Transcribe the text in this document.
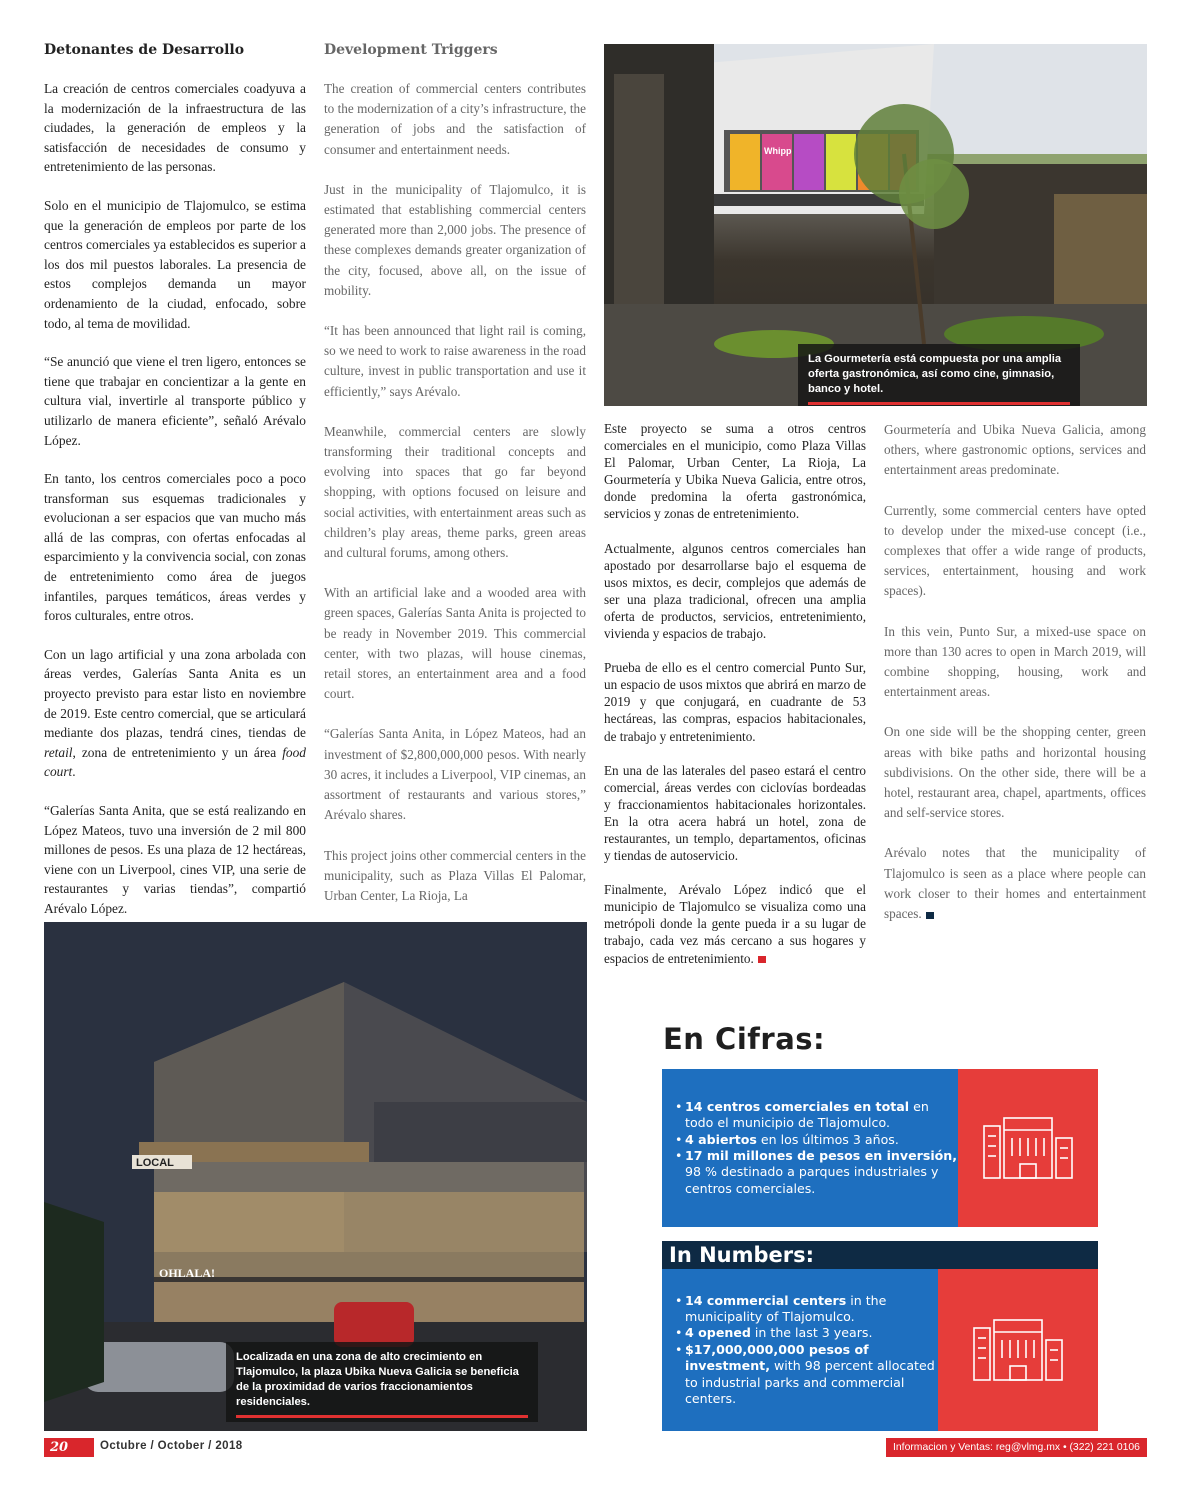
Detonantes de Desarrollo

La creación de centros comerciales coadyuva a la modernización de la infraestructura de las ciudades, la generación de empleos y la satisfacción de necesidades de consumo y entretenimiento de las personas.

Solo en el municipio de Tlajomulco, se estima que la generación de empleos por parte de los centros comerciales ya establecidos es superior a los dos mil puestos laborales. La presencia de estos complejos demanda un mayor ordenamiento de la ciudad, enfocado, sobre todo, al tema de movilidad.

“Se anunció que viene el tren ligero, entonces se tiene que trabajar en concientizar a la gente en cultura vial, invertirle al transporte público y utilizarlo de manera eficiente”, señaló Arévalo López.

En tanto, los centros comerciales poco a poco transforman sus esquemas tradicionales y evolucionan a ser espacios que van mucho más allá de las compras, con ofertas enfocadas al esparcimiento y la convivencia social, con zonas de entretenimiento como área de juegos infantiles, parques temáticos, áreas verdes y foros culturales, entre otros.

Con un lago artificial y una zona arbolada con áreas verdes, Galerías Santa Anita es un proyecto previsto para estar listo en noviembre de 2019. Este centro comercial, que se articulará mediante dos plazas, tendrá cines, tiendas de retail, zona de entretenimiento y un área food court.

“Galerías Santa Anita, que se está realizando en López Mateos, tuvo una inversión de 2 mil 800 millones de pesos. Es una plaza de 12 hectáreas, viene con un Liverpool, cines VIP, una serie de restaurantes y varias tiendas”, compartió Arévalo López.

Development Triggers

The creation of commercial centers contributes to the modernization of a city’s infrastructure, the generation of jobs and the satisfaction of consumer and entertainment needs.

Just in the municipality of Tlajomulco, it is estimated that establishing commercial centers generated more than 2,000 jobs. The presence of these complexes demands greater organization of the city, focused, above all, on the issue of mobility.

“It has been announced that light rail is coming, so we need to work to raise awareness in the road culture, invest in public transportation and use it efficiently,” says Arévalo.

Meanwhile, commercial centers are slowly transforming their traditional concepts and evolving into spaces that go far beyond shopping, with options focused on leisure and social activities, with entertainment areas such as children’s play areas, theme parks, green areas and cultural forums, among others.

With an artificial lake and a wooded area with green spaces, Galerías Santa Anita is projected to be ready in November 2019. This commercial center, with two plazas, will house cinemas, retail stores, an entertainment area and a food court.

“Galerías Santa Anita, in López Mateos, had an investment of $2,800,000,000 pesos. With nearly 30 acres, it includes a Liverpool, VIP cinemas, an assortment of restaurants and various stores,” Arévalo shares.

This project joins other commercial centers in the municipality, such as Plaza Villas El Palomar, Urban Center, La Rioja, La

Whipp
La Gourmetería está compuesta por una amplia oferta gastronómica, así como cine, gimnasio, banco y hotel.

Este proyecto se suma a otros centros comerciales en el municipio, como Plaza Villas El Palomar, Urban Center, La Rioja, La Gourmetería y Ubika Nueva Galicia, entre otros, donde predomina la oferta gastronómica, servicios y zonas de entretenimiento.

Actualmente, algunos centros comerciales han apostado por desarrollarse bajo el esquema de usos mixtos, es decir, complejos que además de ser una plaza tradicional, ofrecen una amplia oferta de productos, servicios, entretenimiento, vivienda y espacios de trabajo.

Prueba de ello es el centro comercial Punto Sur, un espacio de usos mixtos que abrirá en marzo de 2019 y que conjugará, en cuadrante de 53 hectáreas, las compras, espacios habitacionales, de trabajo y entretenimiento.

En una de las laterales del paseo estará el centro comercial, áreas verdes con ciclovías bordeadas y fraccionamientos habitacionales horizontales. En la otra acera habrá un hotel, zona de restaurantes, un templo, departamentos, oficinas y tiendas de autoservicio.

Finalmente, Arévalo López indicó que el municipio de Tlajomulco se visualiza como una metrópoli donde la gente pueda ir a su lugar de trabajo, cada vez más cercano a sus hogares y espacios de entretenimiento.

Gourmetería and Ubika Nueva Galicia, among others, where gastronomic options, services and entertainment areas predominate.

Currently, some commercial centers have opted to develop under the mixed-use concept (i.e., complexes that offer a wide range of products, services, entertainment, housing and work spaces).

In this vein, Punto Sur, a mixed-use space on more than 130 acres to open in March 2019, will combine shopping, housing, work and entertainment areas.

On one side will be the shopping center, green areas with bike paths and horizontal housing subdivisions. On the other side, there will be a hotel, restaurant area, chapel, apartments, offices and self-service stores.

Arévalo notes that the municipality of Tlajomulco is seen as a place where people can work closer to their homes and entertainment spaces.

LOCAL
OHLALA!
Localizada en una zona de alto crecimiento en Tlajomulco, la plaza Ubika Nueva Galicia se beneficia de la proximidad de varios fraccionamientos residenciales.
En Cifras:
• 14 centros comerciales en total en todo el municipio de Tlajomulco.
• 4 abiertos en los últimos 3 años.
• 17 mil millones de pesos en inversión, 98 % destinado a parques industriales y centros comerciales.
In Numbers:
• 14 commercial centers in the municipality of Tlajomulco.
• 4 opened in the last 3 years.
• $17,000,000,000 pesos of investment, with 98 percent allocated to industrial parks and commercial centers.
20	Octubre / October / 2018	Informacion y Ventas: reg@vlmg.mx • (322) 221 0106
